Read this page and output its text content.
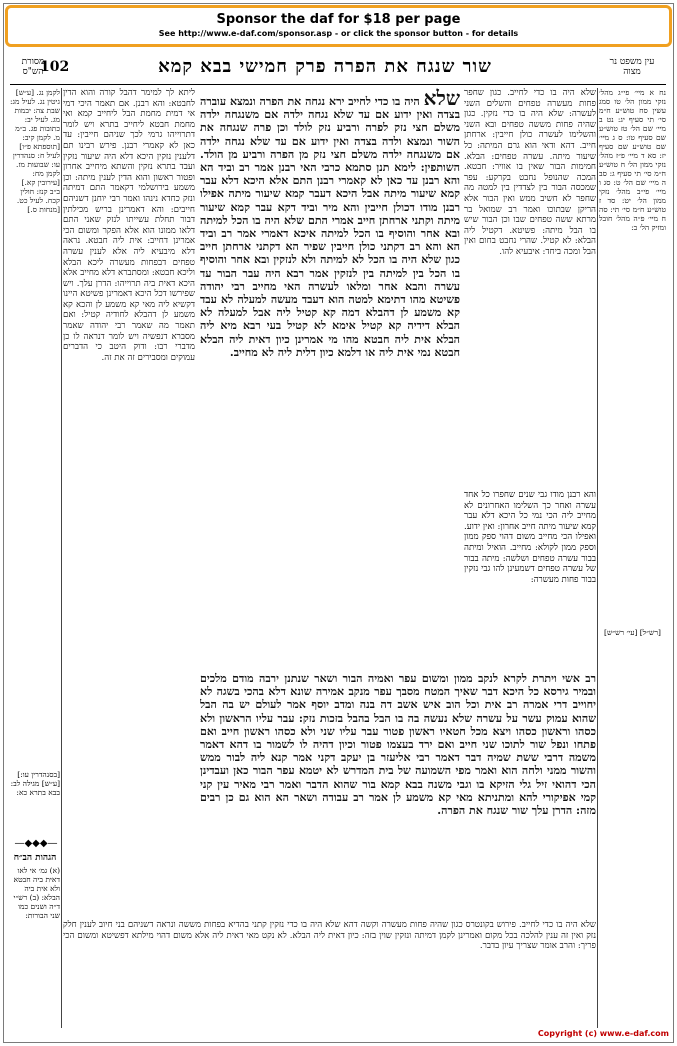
Sponsor the daf for $18 per page
See http://www.e-daf.com/sponsor.asp - or click the sponsor button - for details
מסורת הש"ס
102	שור שנגח את הפרה פרק חמישי בבא קמא	עין משפט נר מצוה
נח א מיי׳ פי״ג מהל׳ נזקי ממון הל׳ טו סמג עשין סח טוש״ע ח״מ סי׳ תי סעיף יג: נט ב מיי׳ שם הל׳ טז טוש״ע שם סעיף טו: ס ג מיי׳ שם טוש״ע שם סעיף יז: סא ד מיי׳ פ״ז מהל׳ נזקי ממון הל׳ ח טוש״ע ח״מ סי׳ תי סעיף ג: סב ה מיי׳ שם הל׳ ט: סג ו מיי׳ פי״ב מהל׳ נזקי ממון הל׳ יט: סד ז טוש״ע ח״מ סי׳ תי: סה ח מיי׳ פ״ה מהל׳ חובל ומזיק הל׳ ב:
שלא היה בו כדי לחייב. כגון שחפר פחות מעשרה טפחים והשלים השני לעשרה: שלא היה בו כדי נזקין. כגון שהיה פחות מששה טפחים ובא השני והשלימו לעשרה כולן חייבין: ארחתן חייב. דהא ודאי הוא גרם המיתה: כל שיעור מיתה. עשרה טפחים: הבלא. חמימות הבור שאין בו אוויר: חבטא. המכה שהנופל נחבט בקרקע: עפר שמכסה הבור בין לצדדין בין למטה מה שחפר לא חשיב ממש ואין הבור אלא הריקן שבתוכו ואמר רב שמואל בר מרתא ששה טפחים שבו וכן הבור שיש בו הבל מיתה: פשיטא. דקטיל ליה הבלא: לא קטיל. שהרי נחבט בחום ואין הבל ומכה ביחד: איבעיא להו.
והא רבנן מודו גבי שנים שחפרו כל אחד עשרה ואחר כך השלימו האחרונים לא מחייב ליה הכי נמי כל היכא דלא עבר קמא שיעור מיתה חייב אחרון: ואין ידוע. ואפילו הכי מחייב משום דהוי ספק ממון וספק ממון לקולא: מחייב. הואיל ומיתה בבור עשרה טפחים ושלשה: מיתה בבור של עשרה טפחים דשמעינן להו גבי נזקין בבור פחות מעשרה:
שלא היה בו כדי לחייב ירא נגחה את הפרה ונמצא עוברה בצדה ואין ידוע אם עד שלא נגחה ילדה אם משנגחה ילדה משלם חצי נזק לפרה ורביע נזק לולד וכן פרה שנגחה את השור ונמצא ולדה בצדה ואין ידוע אם עד שלא נגחה ילדה אם משנגחה ילדה משלם חצי נזק מן הפרה ורביע מן הולד. השותפין: לימא תנן סתמא כרבי האי רבנן אמר רב וביד הא והא רבנן עד כאן לא קאמרי רבנן התם אלא היכא דלא עבר קמא שיעור מיתה אבל היכא דעבר קמא שיעור מיתה אפילו רבנן מודו דכולן חייבין והא מיר וביד דקא עבר קמא שיעור מיתה וקתני ארחתן חייב אמרי התם שלא היה בו הכל למיתה ובא אחר והוסיף בו הכל למיתה איכא דאמרי אמר רב וביד הא והא רב דקתני כולן חייבין שפיר הא דקתני ארחתן חייב כגון שלא היה בו הכל לא למיתה ולא לנזקין ובא אחר והוסיף בו הכל בין למיתה בין לנזקין אמר רבא היה עבר הבור עד עשרה והבא אחר ומלאו לעשרה האי מחייב רבי יהודה פשיטא מהו דתימא למטה הוא דעבד מעשה למעלה לא עבד קא משמע לן דהבלא דמה קא קטיל ליה אבל למעלה לא הבלא דידיה קא קטיל אימא לא קטיל בעי רבא מיא ליה הבלא אית ליה חבטא מהו מי אמרינן כיון דאית ליה הבלא חבטא נמי אית ליה או דלמא כיון דלית ליה לא מחייב.
רב אשי ויתרת לקרא לנקב ממון ומשום עפר ואמיה הבור ושאר שנתנן ירבה מודם מלכים ובמיר גירסא כל היכא דבר שאיך המטח מסבך עפר מנקב אמירה שונא דלא בהכי בשגה לא יחוייב דרי אמרה רב אית וכל הוב איש אשב דה בנה ומדב יוסף אמר לעולם יש בה הבל שהוא עמוק עשר על עשרה שלא נעשה בה בו הבל בהבל בזכות נזק: עבר עליו הראשון ולא כסהו וראשון כסהו ויצא מכל חטאיו ראשון פטור עבר עליו שני ולא כסהו ראשון חייב ואם פתחו ונפל שור לתוכו שני חייב ואם ירד בעצמו פטור וכיון דהיה לו לשמור בו דהא דאמר משמה דרבי ששת שמיה דבר דאמר רבי אליעזר בן יעקב דקני אמר קנא ליה לבור ממש והשור ממני ולחה הוא ואמר מפי השמועה של בית המדרש לא יטמא עפר הבור כאן ועבדינן הכי דהואי זיל גלי הזיקא בו וגבי משנה בבא קמא בור שהוא הדבר ואמר רבי מאיר עין קני קמי אפיקורי להא ומתניתא מאי קא משמע לן אמר רב עבודה ושאר הא הוא גם כן רבים מזה: הדרן עלך שור שנגח את הפרה.
ליתא לך למימר דהבל קורה והוא הדין לחבטא: והא רבנן. אם תאמר היכי דמי אי דמית מחמת הבל ליחייב קמא ואי מחמת חבטא ליחייב בתרא ויש לומר דתרוייהו גרמי לכך שניהם חייבין: עד כאן לא קאמרי רבנן. פירש רבינו תם דלענין נזקין היכא דלא היה שיעור נזקין ועבד בתרא נזקין והשתא מיחייב אחרון ופטור ראשון והוא הדין לענין מיתה: וכן משמע בירושלמי דקאמר התם דמיתה ונזק כחדא נינהו ואמר רבי יוחנן דשניהם חייבים: והא דאמרינן בריש מכילתין דבור תחלת עשייתו לנזק שאני התם דלאו ממונו הוא אלא הפקר ומשום הכי אמרינן דחייב: אית ליה חבטא. נראה דלא מיבעיא ליה אלא לענין עשרה טפחים דבפחות מעשרה ליכא הבלא וליכא חבטא: ומסתברא דלא מחייב אלא היכא דאית ביה תרוייהו: הדרן עלך. ויש שפירשו דכל היכא דאמרינן פשיטא היינו דקשיא ליה מאי קא משמע לן והכא קא משמע לן דהבלא לחודיה קטיל: ואם תאמר מה שאמר רבי יהודה שאמר מסברא דנפשיה ויש לומר דנראה לו כן מדברי רבו: ודוק היטב כי הדברים עמוקים ומסבירים זה את זה.
שלא היה בו כדי לחייב. פירוש בקונטרס כגון שהיה פחות מעשרה וקשה דהא שלא היה בו כדי נזקין קתני בהדיא בפחות מששה ונראה דשניהם בני חיוב לענין חלק נזק ואין זה ענין להלכה בכל מקום ואמרינן לקמן דמיתה ונזקין שוין בזה: כיון דאית ליה הבלא. לא נקט מאי דאית ליה אלא משום דהוי מילתא דפשיטא ומשום הכי פריך: והרב אומר שצריך עיון בדבר.
לקמן נג. [ע״ש] גיטין נג. לעיל מג: שבת צה: יבמות מג. לעיל יב: כתובות פג. ב״מ מ. לקמן קיב: [תוספתא פ״ו] לעיל ח: סנהדרין עו: שבועות מז. לקמן מח: [עירובין קא.] ב״ב קנז: חולין קכח. לעיל כט. [מנחות ס.]
[בסנהדרין עו:] [ע״ש] מגילה לב: בבא בתרא כא:
[רש״ל] [עי׳ רש״ש]
—◆◆◆—
הגהות הב״ח
(א) גמ׳ אי לאו דאית ביה חבטא ולא אית ביה הבלא: (ב) רש״י ד״ה ושנים כמו שני הבורות:
Copyright (c) www.e-daf.com
